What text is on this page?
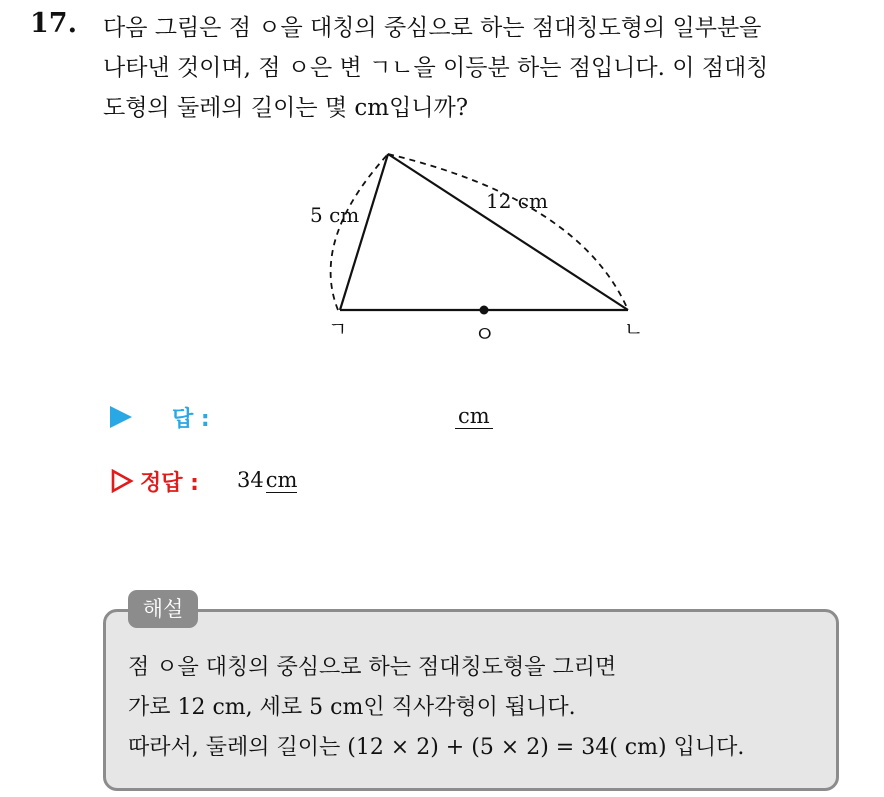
17. 다음 그림은 점 ㅇ을 대칭의 중심으로 하는 점대칭도형의 일부분을
나타낸 것이며, 점 ㅇ은 변 ㄱㄴ을 이등분 하는 점입니다. 이 점대칭
도형의 둘레의 길이는 몇 cm입니까?
5 cm
12 cm
ㄱ	ㄴ
ㅇ
답 :	cm
정답 : 34cm
해설
점 ㅇ을 대칭의 중심으로 하는 점대칭도형을 그리면
가로 12 cm, 세로 5 cm인 직사각형이 됩니다.
따라서, 둘레의 길이는 (12 × 2) + (5 × 2) = 34( cm) 입니다.
